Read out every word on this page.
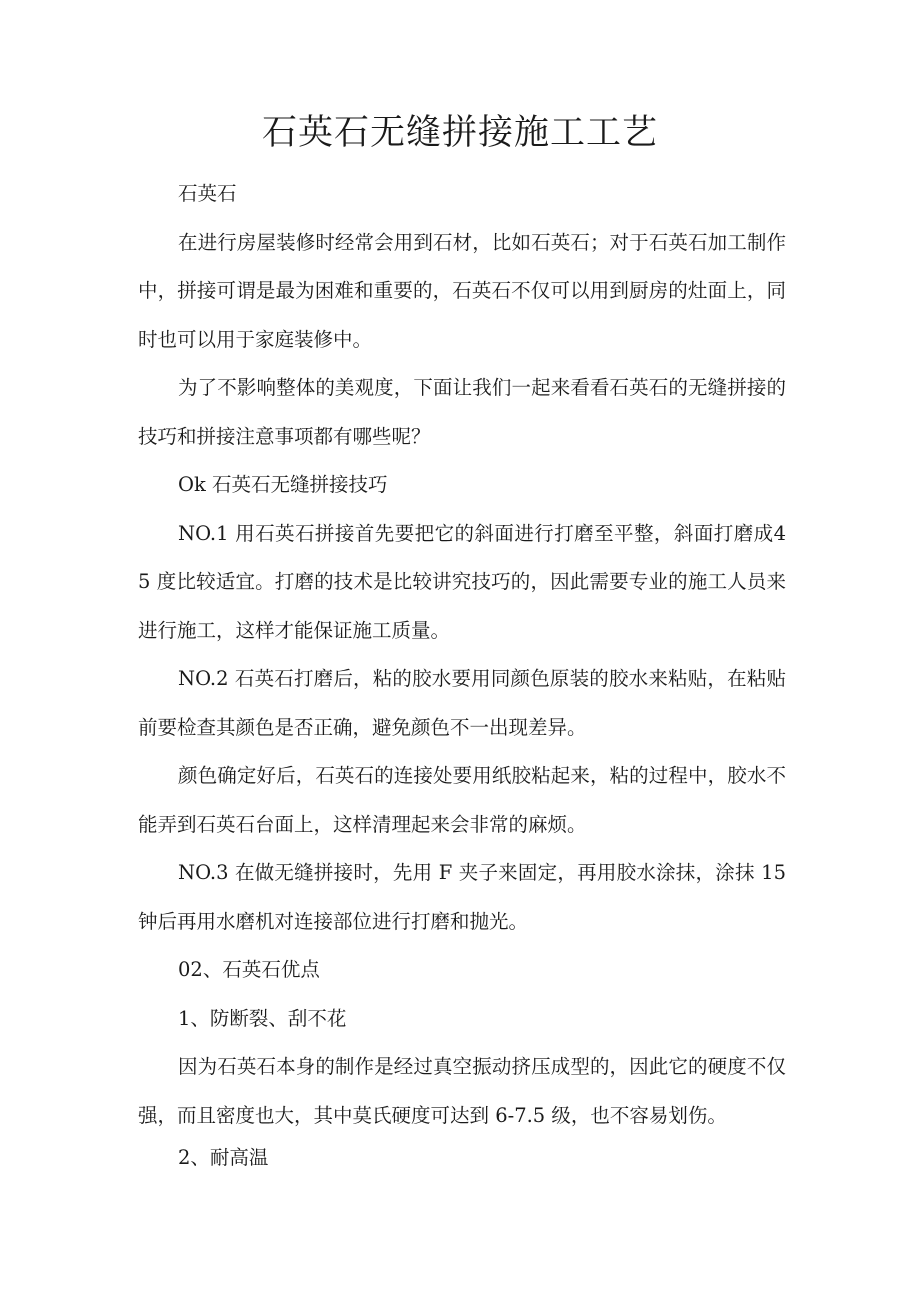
石英石无缝拼接施工工艺

石英石

在进行房屋装修时经常会用到石材，比如石英石；对于石英石加工制作中，拼接可谓是最为困难和重要的，石英石不仅可以用到厨房的灶面上，同时也可以用于家庭装修中。

为了不影响整体的美观度，下面让我们一起来看看石英石的无缝拼接的技巧和拼接注意事项都有哪些呢？

Ok 石英石无缝拼接技巧

NO.1 用石英石拼接首先要把它的斜面进行打磨至平整，斜面打磨成45 度比较适宜。打磨的技术是比较讲究技巧的，因此需要专业的施工人员来进行施工，这样才能保证施工质量。

NO.2 石英石打磨后，粘的胶水要用同颜色原装的胶水来粘贴，在粘贴前要检查其颜色是否正确，避免颜色不一出现差异。

颜色确定好后，石英石的连接处要用纸胶粘起来，粘的过程中，胶水不能弄到石英石台面上，这样清理起来会非常的麻烦。

NO.3 在做无缝拼接时，先用 F 夹子来固定，再用胶水涂抹，涂抹 15钟后再用水磨机对连接部位进行打磨和抛光。

02、石英石优点

1、防断裂、刮不花

因为石英石本身的制作是经过真空振动挤压成型的，因此它的硬度不仅强，而且密度也大，其中莫氏硬度可达到 6-7.5 级，也不容易划伤。

2、耐高温
